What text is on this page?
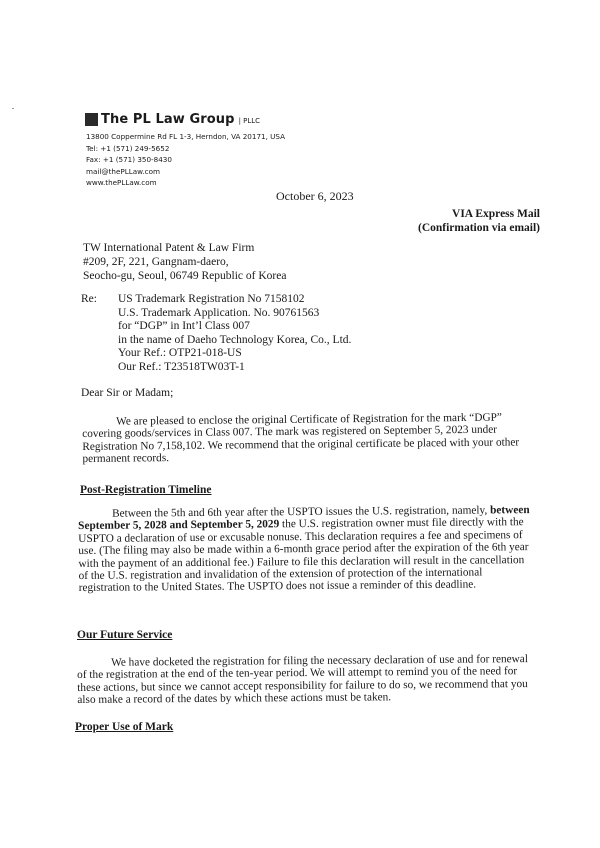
The PL Law Group | PLLC
13800 Coppermine Rd FL 1-3, Herndon, VA 20171, USA
Tel: +1 (571) 249-5652
Fax: +1 (571) 350-8430
mail@thePLLaw.com
www.thePLLaw.com
October 6, 2023
VIA Express Mail
(Confirmation via email)
TW International Patent & Law Firm
#209, 2F, 221, Gangnam-daero,
Seocho-gu, Seoul, 06749 Republic of Korea
Re: US Trademark Registration No 7158102
U.S. Trademark Application. No. 90761563
for “DGP” in Int’l Class 007
in the name of Daeho Technology Korea, Co., Ltd.
Your Ref.: OTP21-018-US
Our Ref.: T23518TW03T-1
Dear Sir or Madam;
We are pleased to enclose the original Certificate of Registration for the mark “DGP” covering goods/services in Class 007. The mark was registered on September 5, 2023 under Registration No 7,158,102. We recommend that the original certificate be placed with your other permanent records.
Post-Registration Timeline
Between the 5th and 6th year after the USPTO issues the U.S. registration, namely, between September 5, 2028 and September 5, 2029 the U.S. registration owner must file directly with the USPTO a declaration of use or excusable nonuse. This declaration requires a fee and specimens of use. (The filing may also be made within a 6-month grace period after the expiration of the 6th year with the payment of an additional fee.) Failure to file this declaration will result in the cancellation of the U.S. registration and invalidation of the extension of protection of the international registration to the United States. The USPTO does not issue a reminder of this deadline.
Our Future Service
We have docketed the registration for filing the necessary declaration of use and for renewal of the registration at the end of the ten-year period. We will attempt to remind you of the need for these actions, but since we cannot accept responsibility for failure to do so, we recommend that you also make a record of the dates by which these actions must be taken.
Proper Use of Mark
